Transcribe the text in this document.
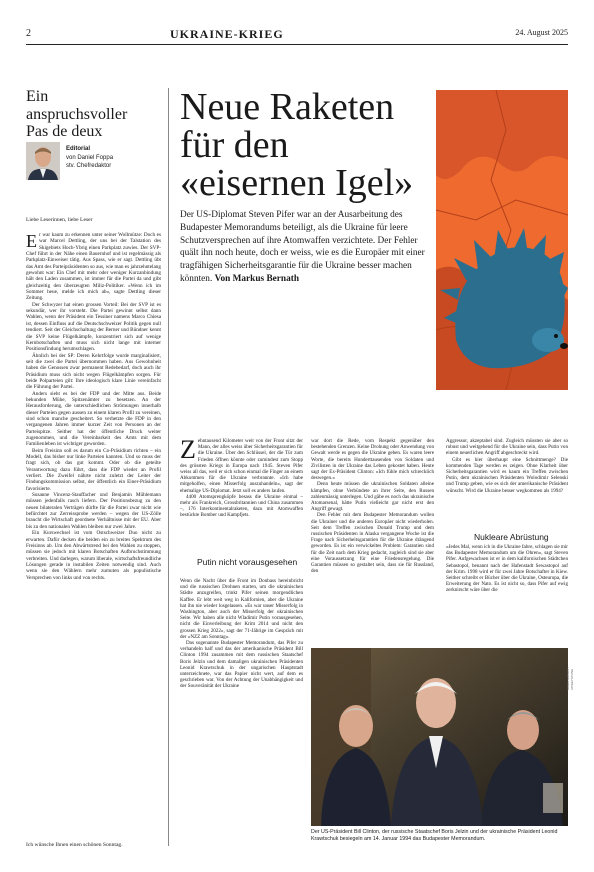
2	UKRAINE-KRIEG	24. August 2025
Ein anspruchsvoller Pas de deux
Editorial
von Daniel Foppa
stv. Chefredaktor
Liebe Leserinnen, liebe Leser

Er war kaum zu erkennen unter seiner Wollmütze: Doch es war Marcel Dettling, der uns bei der Talstation des Skigebiets Hoch-Ybrig einen Parkplatz zuwies. Der SVP-Chef führt in der Nähe einen Bauernhof und ist regelmässig als Parkplatz-Einweiser tätig. Aus Spass, wie er sagt. Dettling übt das Amt des Parteipräsidenten so aus, wie man es jahrzehntelang gewohnt war: Ein Chef mit mehr oder weniger Kurzanbindung hält den Laden zusammen, ist immer für die Partei da und gibt gleichzeitig den überzeugten Miliz-Politiker. «Wenn ich im Sommer heue, melde ich mich ab», sagte Dettling dieser Zeitung.

Der Schwyzer hat einen grossen Vorteil: Bei der SVP ist es sekundär, wer ihr vorsteht. Die Partei gewinnt selbst dann Wahlen, wenn der Präsident ein Tessiner namens Marco Chiesa ist, dessen Einfluss auf die Deutschschweizer Politik gegen null tendiert. Seit der Gleichschaltung der Berner und Bündner kennt die SVP keine Flügelkämpfe, konzentriert sich auf wenige Kernbotschaften und muss sich nicht lange mit interner Positionsfindung herumschlagen.

Ähnlich bei der SP: Deren Kehrtfolge wurde marginalisiert, seit die zwei die Partei übernommen haben. Aus Gewohnheit haben die Genossen zwar permanent Redebedarf, doch auch ihr Präsidium muss sich nicht wegen Flügelkämpfen sorgen. Für beide Polparteien gilt: Ihre ideologisch klare Linie vereinfacht die Führung der Partei.

Anders sieht es bei der FDP und der Mitte aus. Beide bekunden Mühe, Spitzenämter zu besetzen. An der Herausforderung, die unterschiedlichen Strömungen innerhalb dieser Parteien gegen aussen zu einem klaren Profil zu vereinen, sind schon manche gescheitert. So verhetzte die FDP in den vergangenen Jahren immer kurzer Zeit von Personen an der Parteispitze. Seither hat der öffentliche Druck weiter zugenommen, und die Vereinbarkeit des Amts mit dem Familienleben ist wichtiger geworden.

Beim Freisinn soll es darum ein Co-Präsidium richten – ein Modell, das bisher nur linke Parteien kannten. Und so muss der fragt sich, ob das gut kommt. Oder ob die geteilte Verantwortung dazu führt, dass die FDP wieder an Profil verliert. Die Zweifel nährte nicht zuletzt der Leiter der Findungskommission selbst, der öffentlich ein Einer-Präsidium favorisierte.

Susanne Vincenz-Stauffacher und Benjamin Mühlemann müssen jedenfalls rasch liefern. Der Positionsbezug zu den neuen bilateralen Verträgen dürfte für die Partei zwar nicht wie befürchtet zur Zerreissprobe werden – wegen der US-Zölle braucht die Wirtschaft geordnete Verhältnisse mit der EU. Aber bis zu den nationalen Wahlen bleiben nur zwei Jahre.

Ein Kurswechsel ist vom Ostschweizer Duo nicht zu erwarten. Dafür decken die beiden ein zu breites Spektrum des Freisinns ab. Um den Abwärtstrend bei den Wahlen zu stoppen, müssen sie jedoch mit klaren Botschaften Aufbruchstimmung verbreiten. Und darlegen, warum liberale, wirtschaftsfreundliche Lösungen gerade in instabilen Zeiten notwendig sind. Auch wenn sie den Wählern mehr zumuten als populistische Versprechen von links und von rechts.

Ich wünsche Ihnen einen schönen Sonntag.
Neue Raketen für den «eisernen Igel»

Der US-Diplomat Steven Pifer war an der Ausarbeitung des Budapester Memorandums beteiligt, als die Ukraine für leere Schutzversprechen auf ihre Atomwaffen verzichtete. Der Fehler quält ihn noch heute, doch er weiss, wie es die Europäer mit einer tragfähigen Sicherheitsgarantie für die Ukraine besser machen könnten. Von Markus Bernath

Zehntausend Kilometer weit von der Front sitzt der Mann, der alles weiss über Sicherheitsgarantien für die Ukraine. Über den Schlüssel, der die Tür zum Frieden öffnen könnte oder zumindest zum Stopp des grössten Kriegs in Europa nach 1945. Steven Pifer weiss all das, weil er sich schon einmal die Finger an einem Abkommen für die Ukraine verbrannte. «Ich habe mitgeholfen, einen Misserfolg auszuhandeln», sagt der ehemalige US-Diplomat. Jetzt soll es anders laufen.

4400 Atomsprengköpfe besass die Ukraine einmal – mehr als Frankreich, Grossbritannien und China zusammen –, 176 Interkontinentalraketen, dazu mit Atomwaffen bestückte Bomber und Kampfjets.

Putin nicht vorausgesehen

Wenn die Nacht über die Front im Donbass hereinbricht und die russischen Drohnen starten, um die ukrainischen Städte anzugreifen, trinkt Pifer seinen morgendlichen Kaffee. Er lebt weit weg in Kalifornien, aber die Ukraine hat ihn nie wieder losgelassen. «Es war unser Misserfolg in Washington, aber auch der Misserfolg der ukrainischen Seite. Wir haben alle nicht Wladimir Putin vorausgesehen, nicht die Einverleibung der Krim 2014 und nicht den grossen Krieg 2022», sagt der 71-Jährige im Gespräch mit der «NZZ am Sonntag».

Das sogenannte Budapester Memorandum, das Pifer zu verhandeln half und das der amerikanische Präsident Bill Clinton 1994 zusammen mit dem russischen Staatschef Boris Jelzin und dem damaligen ukrainischen Präsidenten Leonid Krawtschuk in der ungarischen Hauptstadt unterzeichnete, war das Papier nicht wert, auf dem es geschrieben war. Von der Achtung der Unabhängigkeit und der Souveränität der Ukraine

war dort die Rede, vom Respekt gegenüber den bestehenden Grenzen. Keine Drohung oder Anwendung von Gewalt werde es gegen die Ukraine geben. Es waren leere Worte, die bereits Hunderttausenden von Soldaten und Zivilisten in der Ukraine das Leben gekostet haben. Heute sagt der Ex-Präsident Clinton: «Ich fühle mich schrecklich deswegen.»

Denn heute müssen die ukrainischen Soldaten alleine kämpfen, ohne Verbündete an ihrer Seite, den Russen zahlenmässig unterlegen. Und gäbe es noch das ukrainische Atomarsenal, hätte Putin vielleicht gar nicht erst den Angriff gewagt.

Den Fehler mit dem Budapester Memorandum wollen die Ukrainer und die anderen Europäer nicht wiederholen. Seit dem Treffen zwischen Donald Trump und dem russischen Präsidenten in Alaska vergangene Woche ist die Frage nach Sicherheitsgarantien für die Ukraine drängend geworden. Es ist ein verwickeltes Problem: Garantien sind für die Zeit nach dem Krieg gedacht, zugleich sind sie aber eine Voraussetzung für eine Friedensregelung. Die Garantien müssen so gestaltet sein, dass sie für Russland, den

Aggressor, akzeptabel sind. Zugleich müssten sie aber so robust und weitgehend für die Ukraine sein, dass Putin von einem neuerlichen Angriff abgeschreckt wird.

Gibt es hier überhaupt eine Schnittmenge? Die kommenden Tage werden es zeigen. Ohne Klarheit über Sicherheitsgarantien wird es kaum ein Treffen zwischen Putin, dem ukrainischen Präsidenten Wolodimir Selenski und Trump geben, wie es sich der amerikanische Präsident wünscht. Wird die Ukraine besser wegkommen als 1994?

Nukleare Abrüstung

«Jedes Mal, wenn ich in die Ukraine fahre, schlagen sie mir das Budapester Memorandum um die Ohren», sagt Steven Pifer. Aufgewachsen ist er in dem kalifornischen Städtchen Sebastopol, benannt nach der Hafenstadt Sewastopol auf der Krim. 1998 wird er für zwei Jahre Botschafter in Kiew. Seither schreibt er Bücher über die Ukraine, Osteuropa, die Erweiterung der Nato. Es ist nicht so, dass Pifer auf ewig zerknirscht wäre über die

GREG GIBSON / AP/KEYSTONE
Der US-Präsident Bill Clinton, der russische Staatschef Boris Jelzin und der ukrainische Präsident Leonid Krawtschuk besiegeln am 14. Januar 1994 das Budapester Memorandum.
